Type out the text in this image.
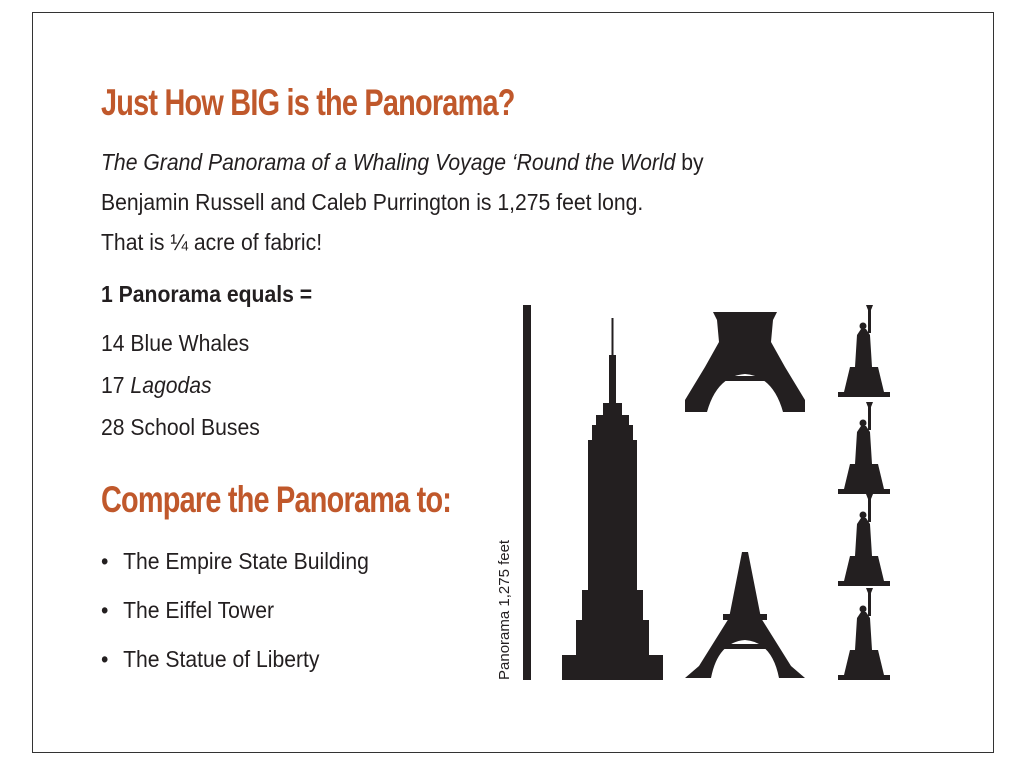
Just How BIG is the Panorama?
The Grand Panorama of a Whaling Voyage ‘Round the World by
Benjamin Russell and Caleb Purrington is 1,275 feet long.
That is ¼ acre of fabric!
1 Panorama equals =
14 Blue Whales
17 Lagodas
28 School Buses
Compare the Panorama to:
• The Empire State Building
• The Eiffel Tower
• The Statue of Liberty	Panorama 1,275 feet
